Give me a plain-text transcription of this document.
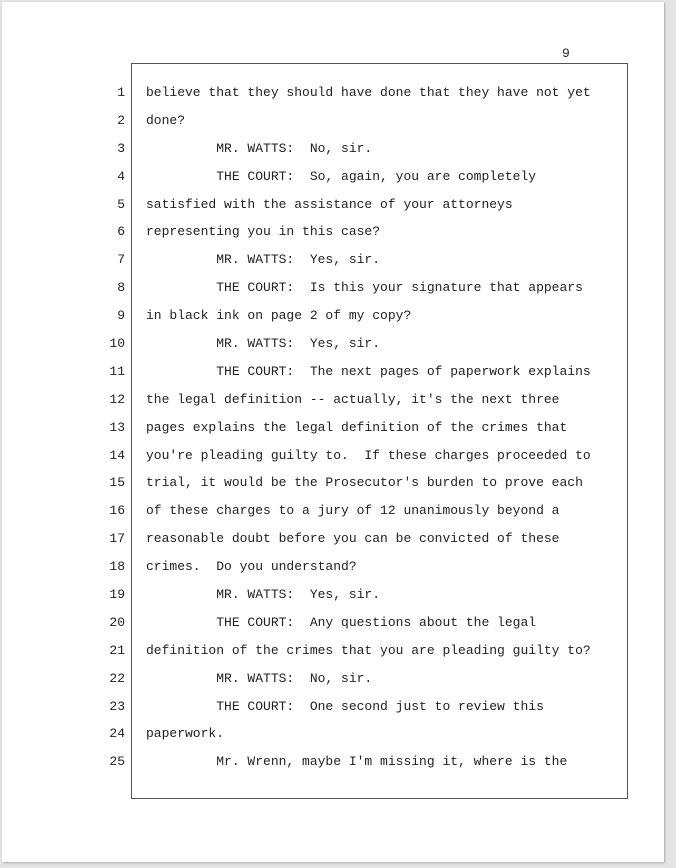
9
1
2
3
4
5
6
7
8
9
10
11
12
13
14
15
16
17
18
19
20
21
22
23
24
25
believe that they should have done that they have not yet
done?
MR. WATTS:  No, sir.
THE COURT:  So, again, you are completely
satisfied with the assistance of your attorneys
representing you in this case?
MR. WATTS:  Yes, sir.
THE COURT:  Is this your signature that appears
in black ink on page 2 of my copy?
MR. WATTS:  Yes, sir.
THE COURT:  The next pages of paperwork explains
the legal definition -- actually, it's the next three
pages explains the legal definition of the crimes that
you're pleading guilty to.  If these charges proceeded to
trial, it would be the Prosecutor's burden to prove each
of these charges to a jury of 12 unanimously beyond a
reasonable doubt before you can be convicted of these
crimes.  Do you understand?
MR. WATTS:  Yes, sir.
THE COURT:  Any questions about the legal
definition of the crimes that you are pleading guilty to?
MR. WATTS:  No, sir.
THE COURT:  One second just to review this
paperwork.
Mr. Wrenn, maybe I'm missing it, where is the
